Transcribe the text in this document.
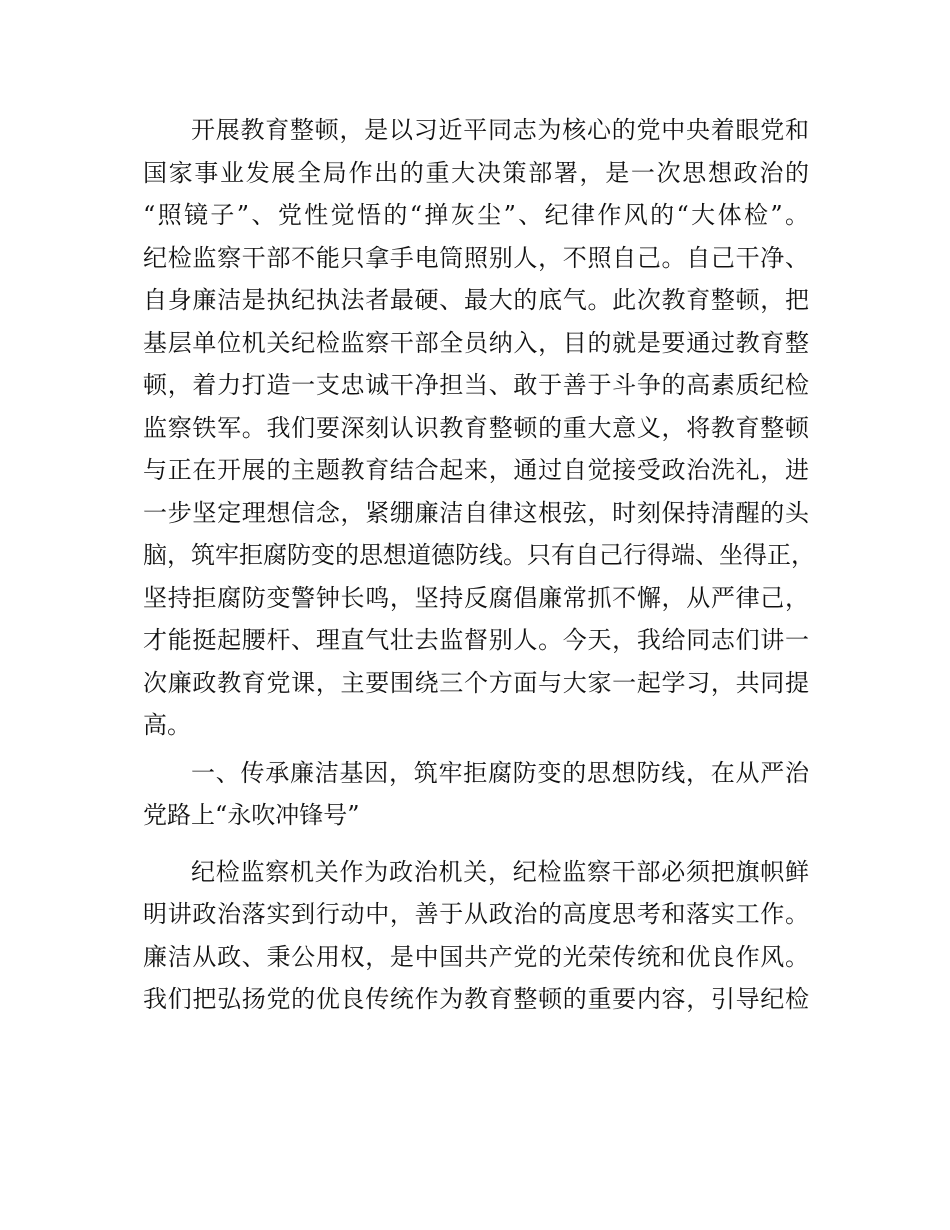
开展教育整顿，是以习近平同志为核心的党中央着眼党和
国家事业发展全局作出的重大决策部署，是一次思想政治的
“照镜子”、党性觉悟的“掸灰尘”、纪律作风的“大体检”。
纪检监察干部不能只拿手电筒照别人，不照自己。自己干净、
自身廉洁是执纪执法者最硬、最大的底气。此次教育整顿，把
基层单位机关纪检监察干部全员纳入，目的就是要通过教育整
顿，着力打造一支忠诚干净担当、敢于善于斗争的高素质纪检
监察铁军。我们要深刻认识教育整顿的重大意义，将教育整顿
与正在开展的主题教育结合起来，通过自觉接受政治洗礼，进
一步坚定理想信念，紧绷廉洁自律这根弦，时刻保持清醒的头
脑，筑牢拒腐防变的思想道德防线。只有自己行得端、坐得正，
坚持拒腐防变警钟长鸣，坚持反腐倡廉常抓不懈，从严律己，
才能挺起腰杆、理直气壮去监督别人。今天，我给同志们讲一
次廉政教育党课，主要围绕三个方面与大家一起学习，共同提
高。
一、传承廉洁基因，筑牢拒腐防变的思想防线，在从严治
党路上“永吹冲锋号”
纪检监察机关作为政治机关，纪检监察干部必须把旗帜鲜
明讲政治落实到行动中，善于从政治的高度思考和落实工作。
廉洁从政、秉公用权，是中国共产党的光荣传统和优良作风。
我们把弘扬党的优良传统作为教育整顿的重要内容，引导纪检
